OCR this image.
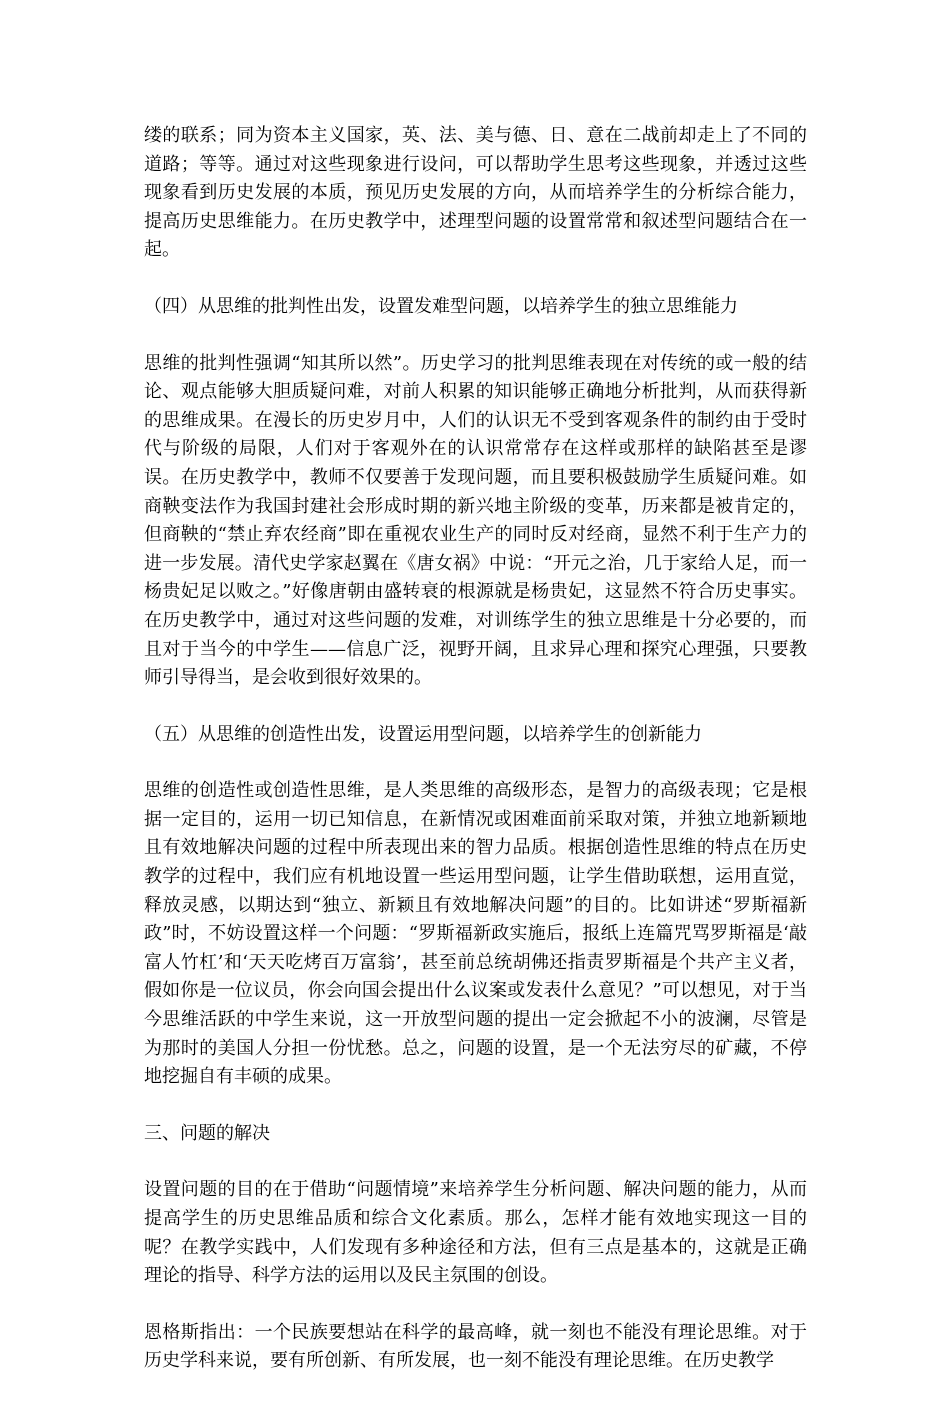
缕的联系；同为资本主义国家，英、法、美与德、日、意在二战前却走上了不同的道路；等等。通过对这些现象进行设问，可以帮助学生思考这些现象，并透过这些现象看到历史发展的本质，预见历史发展的方向，从而培养学生的分析综合能力，提高历史思维能力。在历史教学中，述理型问题的设置常常和叙述型问题结合在一起。

（四）从思维的批判性出发，设置发难型问题，以培养学生的独立思维能力

思维的批判性强调“知其所以然”。历史学习的批判思维表现在对传统的或一般的结论、观点能够大胆质疑问难，对前人积累的知识能够正确地分析批判，从而获得新的思维成果。在漫长的历史岁月中，人们的认识无不受到客观条件的制约由于受时代与阶级的局限，人们对于客观外在的认识常常存在这样或那样的缺陷甚至是谬误。在历史教学中，教师不仅要善于发现问题，而且要积极鼓励学生质疑问难。如商鞅变法作为我国封建社会形成时期的新兴地主阶级的变革，历来都是被肯定的，但商鞅的“禁止弃农经商”即在重视农业生产的同时反对经商，显然不利于生产力的进一步发展。清代史学家赵翼在《唐女祸》中说：“开元之治，几于家给人足，而一杨贵妃足以败之。”好像唐朝由盛转衰的根源就是杨贵妃，这显然不符合历史事实。在历史教学中，通过对这些问题的发难，对训练学生的独立思维是十分必要的，而且对于当今的中学生——信息广泛，视野开阔，且求异心理和探究心理强，只要教师引导得当，是会收到很好效果的。

（五）从思维的创造性出发，设置运用型问题，以培养学生的创新能力

思维的创造性或创造性思维，是人类思维的高级形态，是智力的高级表现；它是根据一定目的，运用一切已知信息，在新情况或困难面前采取对策，并独立地新颖地且有效地解决问题的过程中所表现出来的智力品质。根据创造性思维的特点在历史教学的过程中，我们应有机地设置一些运用型问题，让学生借助联想，运用直觉，释放灵感，以期达到“独立、新颖且有效地解决问题”的目的。比如讲述“罗斯福新政”时，不妨设置这样一个问题：“罗斯福新政实施后，报纸上连篇咒骂罗斯福是‘敲富人竹杠’和‘天天吃烤百万富翁’，甚至前总统胡佛还指责罗斯福是个共产主义者，假如你是一位议员，你会向国会提出什么议案或发表什么意见？”可以想见，对于当今思维活跃的中学生来说，这一开放型问题的提出一定会掀起不小的波澜，尽管是为那时的美国人分担一份忧愁。总之，问题的设置，是一个无法穷尽的矿藏，不停地挖掘自有丰硕的成果。

三、问题的解决

设置问题的目的在于借助“问题情境”来培养学生分析问题、解决问题的能力，从而提高学生的历史思维品质和综合文化素质。那么，怎样才能有效地实现这一目的呢？在教学实践中，人们发现有多种途径和方法，但有三点是基本的，这就是正确理论的指导、科学方法的运用以及民主氛围的创设。

恩格斯指出：一个民族要想站在科学的最高峰，就一刻也不能没有理论思维。对于历史学科来说，要有所创新、有所发展，也一刻不能没有理论思维。在历史教学
